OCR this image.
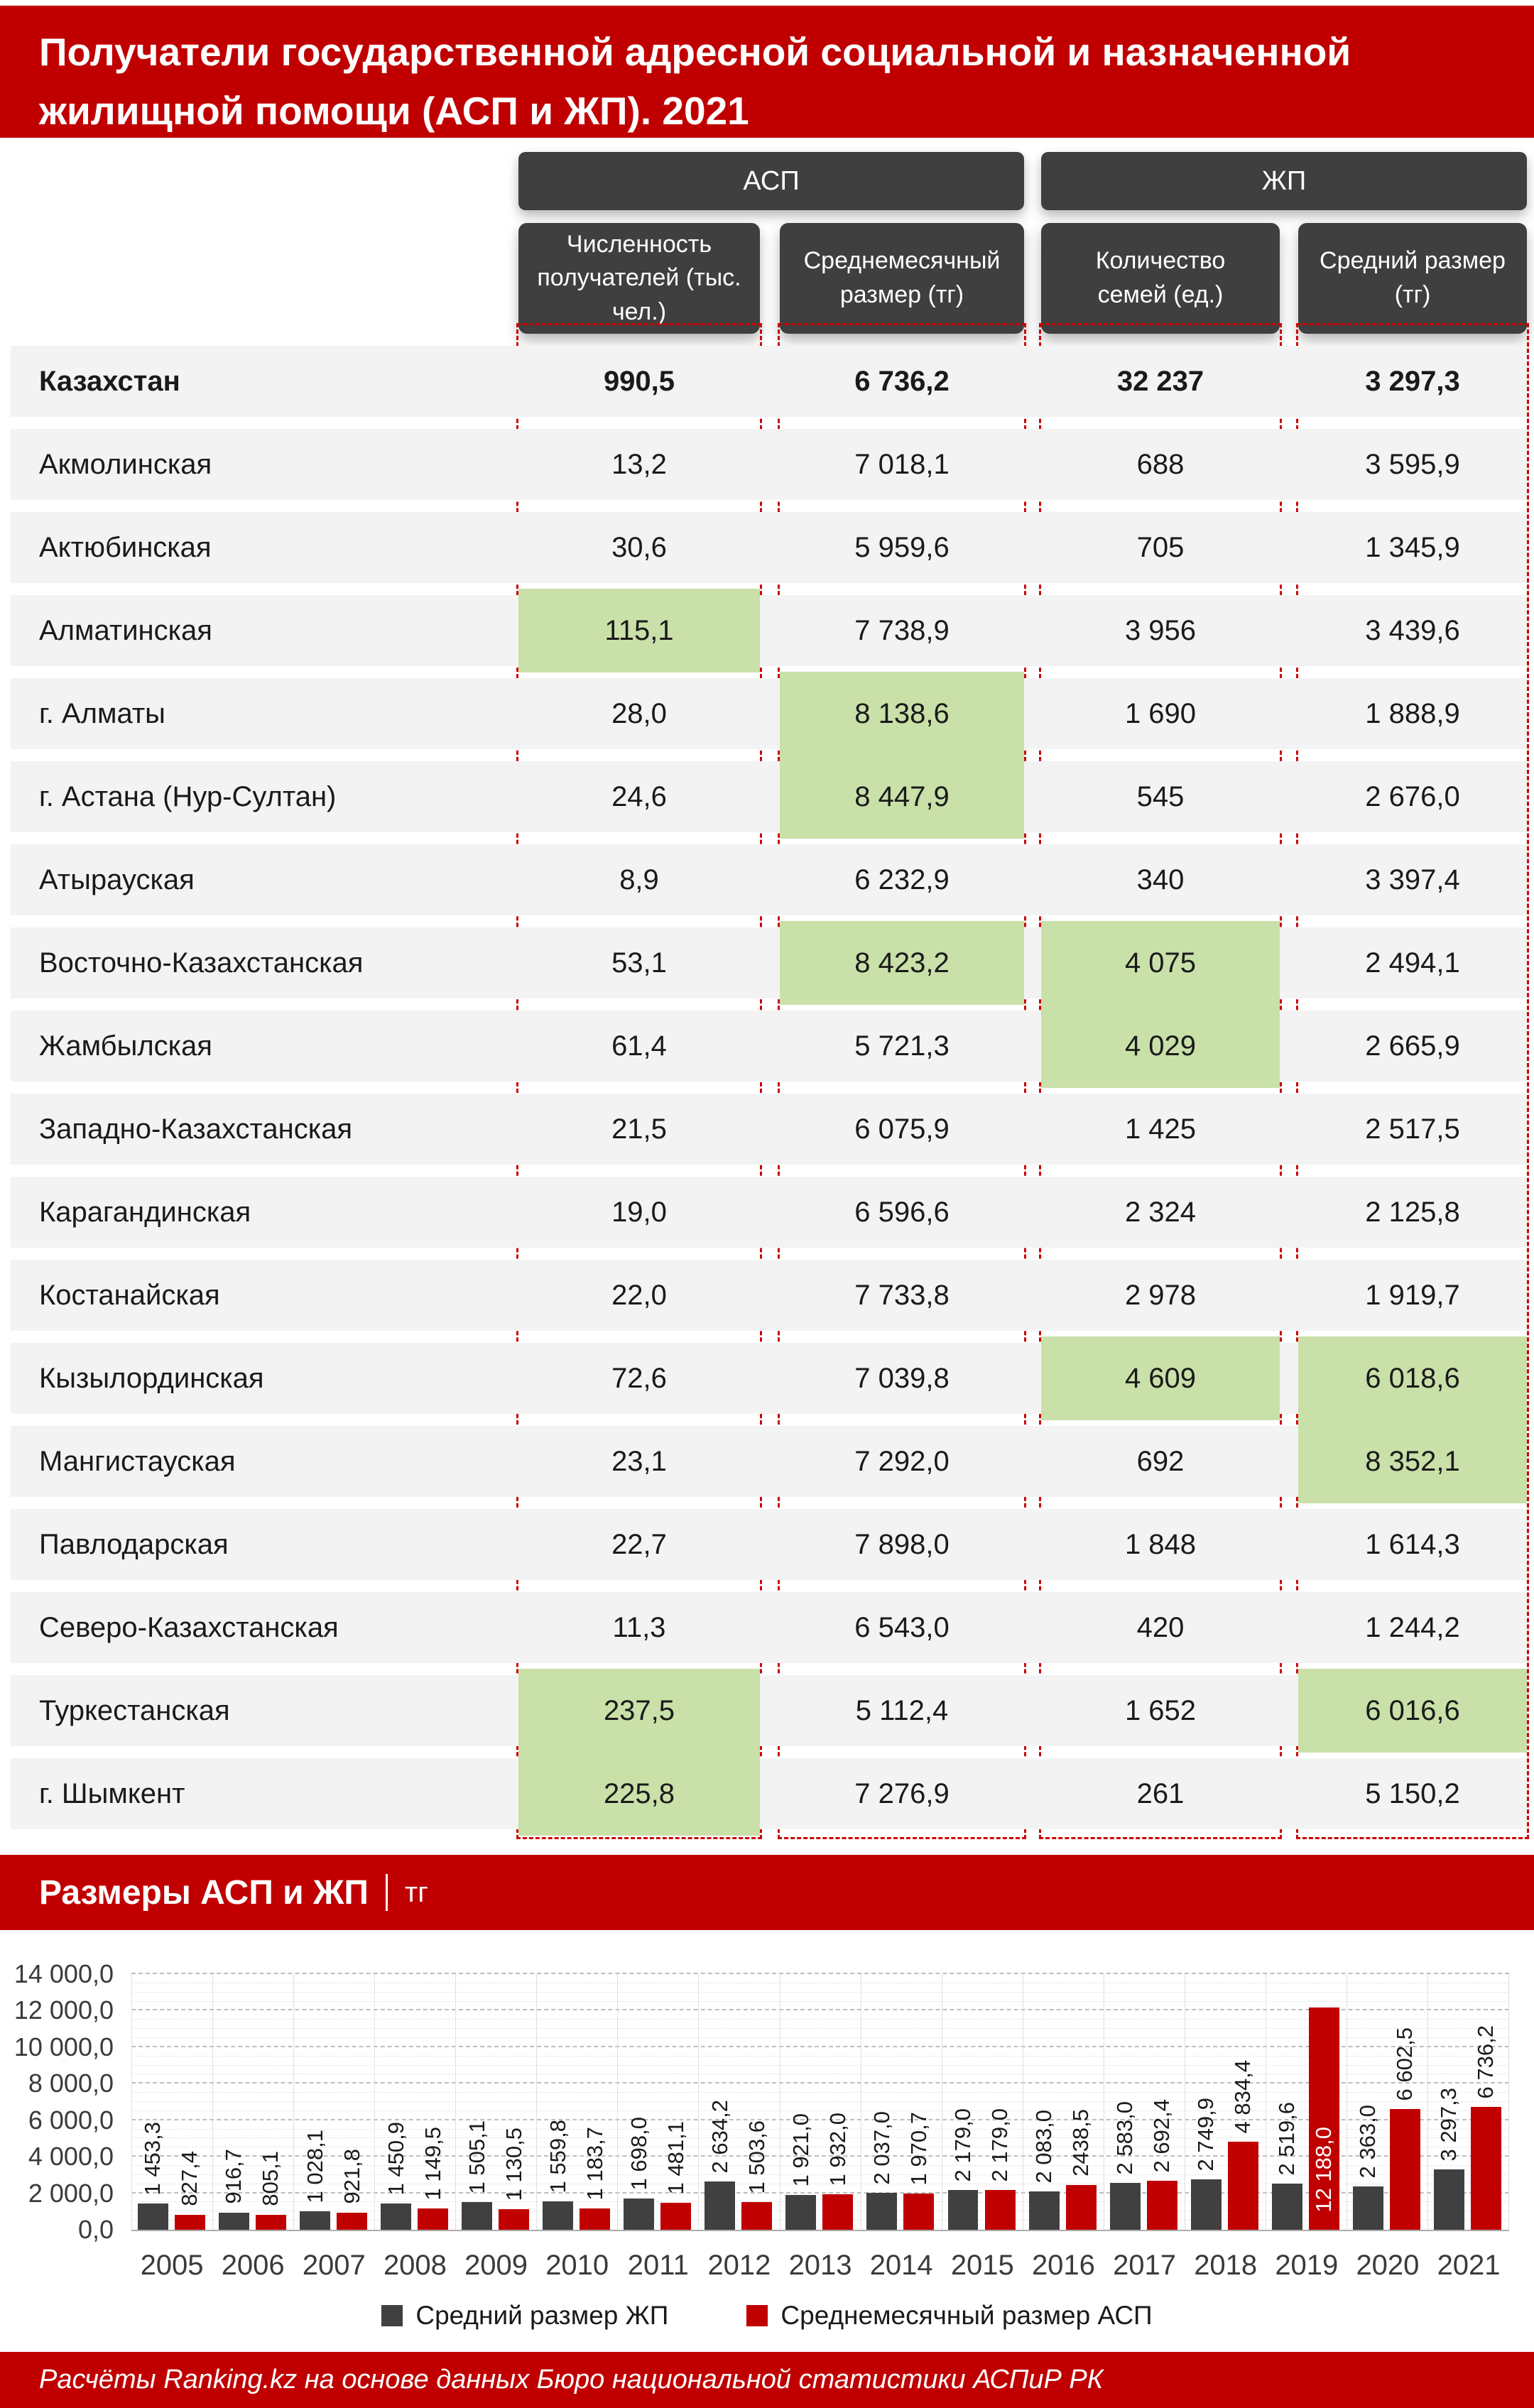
Получатели государственной адресной социальной и назначенной жилищной помощи (АСП и ЖП). 2021
АСП	ЖП
Численность получателей (тыс. чел.)
Среднемесячный размер (тг)
Количество семей (ед.)
Средний размер (тг)
Казахстан	990,5	6 736,2	32 237	3 297,3
Акмолинская	13,2	7 018,1	688	3 595,9
Актюбинская	30,6	5 959,6	705	1 345,9
Алматинская	115,1	7 738,9	3 956	3 439,6
г. Алматы	28,0	8 138,6	1 690	1 888,9
г. Астана (Нур-Султан)	24,6	8 447,9	545	2 676,0
Атырауская	8,9	6 232,9	340	3 397,4
Восточно-Казахстанская	53,1	8 423,2	4 075	2 494,1
Жамбылская	61,4	5 721,3	4 029	2 665,9
Западно-Казахстанская	21,5	6 075,9	1 425	2 517,5
Карагандинская	19,0	6 596,6	2 324	2 125,8
Костанайская	22,0	7 733,8	2 978	1 919,7
Кызылординская	72,6	7 039,8	4 609	6 018,6
Мангистауская	23,1	7 292,0	692	8 352,1
Павлодарская	22,7	7 898,0	1 848	1 614,3
Северо-Казахстанская	11,3	6 543,0	420	1 244,2
Туркестанская	237,5	5 112,4	1 652	6 016,6
г. Шымкент	225,8	7 276,9	261	5 150,2
Размеры АСП и ЖП тг
0,0
2 000,0
4 000,0
6 000,0
8 000,0
10 000,0
12 000,0
14 000,0
1 453,3 827,4 916,7 805,1 1 028,1 921,8 1 450,9 1 149,5 1 505,1 1 130,5 1 559,8 1 183,7 1 698,0 1 481,1 2 634,2 1 503,6 1 921,0 1 932,0 2 037,0 1 970,7 2 179,0 2 179,0 2 083,0 2438,5 2 583,0 2 692,4 2 749,9
4 834,4
2 519,6 12 188,0 2 363,0
6 602,5
3 297,3
6 736,2
2005 2006 2007 2008 2009 2010 2011 2012 2013 2014 2015 2016 2017 2018 2019 2020 2021
Средний размер ЖП	Среднемесячный размер АСП
Расчёты Ranking.kz на основе данных Бюро национальной статистики АСПиР РК
